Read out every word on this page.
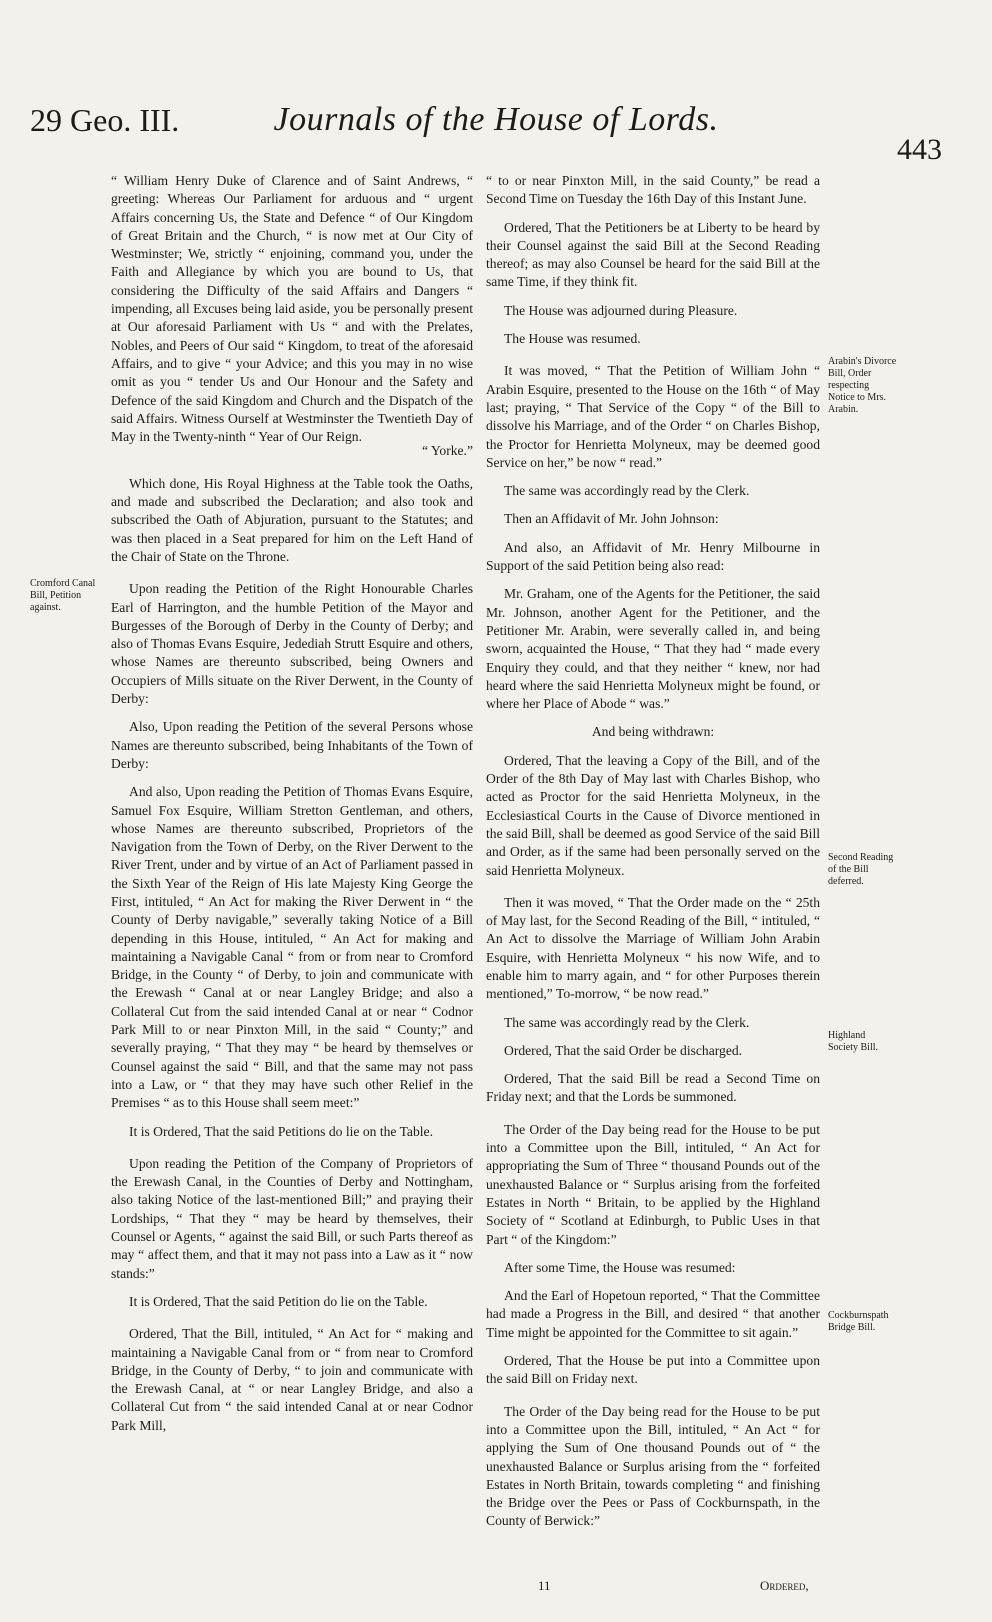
29 Geo. III.	Journals of the House of Lords.
443
Cromford Canal Bill, Petition against.
Arabin's Divorce Bill, Order respecting Notice to Mrs. Arabin.
Second Reading of the Bill deferred.
Highland Society Bill.
Cockburnspath Bridge Bill.

“ William Henry Duke of Clarence and of Saint Andrews, “ greeting: Whereas Our Parliament for arduous and “ urgent Affairs concerning Us, the State and Defence “ of Our Kingdom of Great Britain and the Church, “ is now met at Our City of Westminster; We, strictly “ enjoining, command you, under the Faith and Allegiance by which you are bound to Us, that considering the Difficulty of the said Affairs and Dangers “ impending, all Excuses being laid aside, you be personally present at Our aforesaid Parliament with Us “ and with the Prelates, Nobles, and Peers of Our said “ Kingdom, to treat of the aforesaid Affairs, and to give “ your Advice; and this you may in no wise omit as you “ tender Us and Our Honour and the Safety and Defence of the said Kingdom and Church and the Dispatch of the said Affairs. Witness Ourself at Westminster the Twentieth Day of May in the Twenty-ninth “ Year of Our Reign.

“ Yorke.”

Which done, His Royal Highness at the Table took the Oaths, and made and subscribed the Declaration; and also took and subscribed the Oath of Abjuration, pursuant to the Statutes; and was then placed in a Seat prepared for him on the Left Hand of the Chair of State on the Throne.

Upon reading the Petition of the Right Honourable Charles Earl of Harrington, and the humble Petition of the Mayor and Burgesses of the Borough of Derby in the County of Derby; and also of Thomas Evans Esquire, Jedediah Strutt Esquire and others, whose Names are thereunto subscribed, being Owners and Occupiers of Mills situate on the River Derwent, in the County of Derby:

Also, Upon reading the Petition of the several Persons whose Names are thereunto subscribed, being Inhabitants of the Town of Derby:

And also, Upon reading the Petition of Thomas Evans Esquire, Samuel Fox Esquire, William Stretton Gentleman, and others, whose Names are thereunto subscribed, Proprietors of the Navigation from the Town of Derby, on the River Derwent to the River Trent, under and by virtue of an Act of Parliament passed in the Sixth Year of the Reign of His late Majesty King George the First, intituled, “ An Act for making the River Derwent in “ the County of Derby navigable,” severally taking Notice of a Bill depending in this House, intituled, “ An Act for making and maintaining a Navigable Canal “ from or from near to Cromford Bridge, in the County “ of Derby, to join and communicate with the Erewash “ Canal at or near Langley Bridge; and also a Collateral Cut from the said intended Canal at or near “ Codnor Park Mill to or near Pinxton Mill, in the said “ County;” and severally praying, “ That they may “ be heard by themselves or Counsel against the said “ Bill, and that the same may not pass into a Law, or “ that they may have such other Relief in the Premises “ as to this House shall seem meet:”

It is Ordered, That the said Petitions do lie on the Table.

Upon reading the Petition of the Company of Proprietors of the Erewash Canal, in the Counties of Derby and Nottingham, also taking Notice of the last-mentioned Bill;” and praying their Lordships, “ That they “ may be heard by themselves, their Counsel or Agents, “ against the said Bill, or such Parts thereof as may “ affect them, and that it may not pass into a Law as it “ now stands:”

It is Ordered, That the said Petition do lie on the Table.

Ordered, That the Bill, intituled, “ An Act for “ making and maintaining a Navigable Canal from or “ from near to Cromford Bridge, in the County of Derby, “ to join and communicate with the Erewash Canal, at “ or near Langley Bridge, and also a Collateral Cut from “ the said intended Canal at or near Codnor Park Mill,

“ to or near Pinxton Mill, in the said County,” be read a Second Time on Tuesday the 16th Day of this Instant June.

Ordered, That the Petitioners be at Liberty to be heard by their Counsel against the said Bill at the Second Reading thereof; as may also Counsel be heard for the said Bill at the same Time, if they think fit.

The House was adjourned during Pleasure.

The House was resumed.

It was moved, “ That the Petition of William John “ Arabin Esquire, presented to the House on the 16th “ of May last; praying, “ That Service of the Copy “ of the Bill to dissolve his Marriage, and of the Order “ on Charles Bishop, the Proctor for Henrietta Molyneux, may be deemed good Service on her,” be now “ read.”

The same was accordingly read by the Clerk.

Then an Affidavit of Mr. John Johnson:

And also, an Affidavit of Mr. Henry Milbourne in Support of the said Petition being also read:

Mr. Graham, one of the Agents for the Petitioner, the said Mr. Johnson, another Agent for the Petitioner, and the Petitioner Mr. Arabin, were severally called in, and being sworn, acquainted the House, “ That they had “ made every Enquiry they could, and that they neither “ knew, nor had heard where the said Henrietta Molyneux might be found, or where her Place of Abode “ was.”

And being withdrawn:

Ordered, That the leaving a Copy of the Bill, and of the Order of the 8th Day of May last with Charles Bishop, who acted as Proctor for the said Henrietta Molyneux, in the Ecclesiastical Courts in the Cause of Divorce mentioned in the said Bill, shall be deemed as good Service of the said Bill and Order, as if the same had been personally served on the said Henrietta Molyneux.

Then it was moved, “ That the Order made on the “ 25th of May last, for the Second Reading of the Bill, “ intituled, “ An Act to dissolve the Marriage of William John Arabin Esquire, with Henrietta Molyneux “ his now Wife, and to enable him to marry again, and “ for other Purposes therein mentioned,” To-morrow, “ be now read.”

The same was accordingly read by the Clerk.

Ordered, That the said Order be discharged.

Ordered, That the said Bill be read a Second Time on Friday next; and that the Lords be summoned.

The Order of the Day being read for the House to be put into a Committee upon the Bill, intituled, “ An Act for appropriating the Sum of Three “ thousand Pounds out of the unexhausted Balance or “ Surplus arising from the forfeited Estates in North “ Britain, to be applied by the Highland Society of “ Scotland at Edinburgh, to Public Uses in that Part “ of the Kingdom:”

After some Time, the House was resumed:

And the Earl of Hopetoun reported, “ That the Committee had made a Progress in the Bill, and desired “ that another Time might be appointed for the Committee to sit again.”

Ordered, That the House be put into a Committee upon the said Bill on Friday next.

The Order of the Day being read for the House to be put into a Committee upon the Bill, intituled, “ An Act “ for applying the Sum of One thousand Pounds out of “ the unexhausted Balance or Surplus arising from the “ forfeited Estates in North Britain, towards completing “ and finishing the Bridge over the Pees or Pass of Cockburnspath, in the County of Berwick:”

11	Ordered,
